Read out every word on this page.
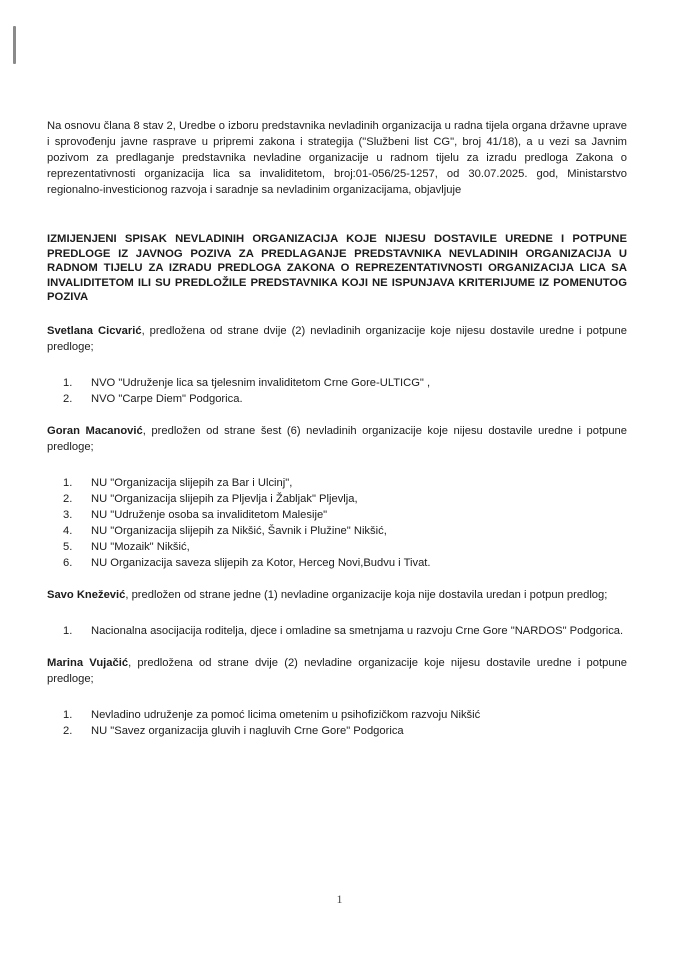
Na osnovu člana 8 stav 2, Uredbe o izboru predstavnika nevladinih organizacija u radna tijela organa državne uprave i sprovođenju javne rasprave u pripremi zakona i strategija ("Službeni list CG", broj 41/18), a u vezi sa Javnim pozivom za predlaganje predstavnika nevladine organizacije u radnom tijelu za izradu predloga Zakona o reprezentativnosti organizacija lica sa invaliditetom, broj:01-056/25-1257, od 30.07.2025. god, Ministarstvo regionalno-investicionog razvoja i saradnje sa nevladinim organizacijama, objavljuje

IZMIJENJENI SPISAK NEVLADINIH ORGANIZACIJA KOJE NIJESU DOSTAVILE UREDNE I POTPUNE PREDLOGE IZ JAVNOG POZIVA ZA PREDLAGANJE PREDSTAVNIKA NEVLADINIH ORGANIZACIJA U RADNOM TIJELU ZA IZRADU PREDLOGA ZAKONA O REPREZENTATIVNOSTI ORGANIZACIJA LICA SA INVALIDITETOM ILI SU PREDLOŽILE PREDSTAVNIKA KOJI NE ISPUNJAVA KRITERIJUME IZ POMENUTOG POZIVA

Svetlana Cicvarić, predložena od strane dvije (2) nevladinih organizacije koje nijesu dostavile uredne i potpune predloge;

1.	NVO "Udruženje lica sa tjelesnim invaliditetom Crne Gore-ULTICG" ,
2.	NVO "Carpe Diem" Podgorica.

Goran Macanović, predložen od strane šest (6) nevladinih organizacije koje nijesu dostavile uredne i potpune predloge;

1.	NU "Organizacija slijepih za Bar i Ulcinj",
2.	NU "Organizacija slijepih za Pljevlja i Žabljak" Pljevlja,
3.	NU "Udruženje osoba sa invaliditetom Malesije"
4.	NU "Organizacija slijepih za Nikšić, Šavnik i Plužine" Nikšić,
5.	NU "Mozaik" Nikšić,
6.	NU Organizacija saveza slijepih za Kotor, Herceg Novi,Budvu i Tivat.

Savo Knežević, predložen od strane jedne (1) nevladine organizacije koja nije dostavila uredan i potpun predlog;

1.	Nacionalna asocijacija roditelja, djece i omladine sa smetnjama u razvoju Crne Gore "NARDOS" Podgorica.

Marina Vujačić, predložena od strane dvije (2) nevladine organizacije koje nijesu dostavile uredne i potpune predloge;

1.	Nevladino udruženje za pomoć licima ometenim u psihofizičkom razvoju Nikšić
2.	NU "Savez organizacija gluvih i nagluvih Crne Gore" Podgorica
1
